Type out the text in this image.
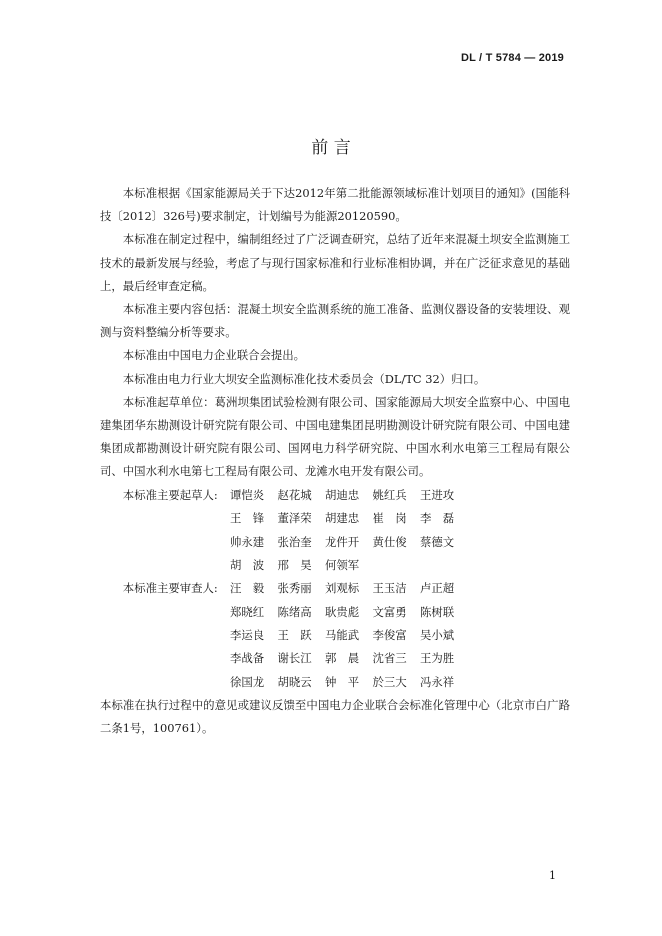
DL / T 5784 — 2019
前 言

本标准根据《国家能源局关于下达2012年第二批能源领域标准计划项目的通知》(国能科技〔2012〕326号)要求制定，计划编号为能源20120590。

本标准在制定过程中，编制组经过了广泛调查研究，总结了近年来混凝土坝安全监测施工技术的最新发展与经验，考虑了与现行国家标准和行业标准相协调，并在广泛征求意见的基础上，最后经审查定稿。

本标准主要内容包括：混凝土坝安全监测系统的施工准备、监测仪器设备的安装埋设、观测与资料整编分析等要求。

本标准由中国电力企业联合会提出。

本标准由电力行业大坝安全监测标准化技术委员会（DL/TC 32）归口。

本标准起草单位：葛洲坝集团试验检测有限公司、国家能源局大坝安全监察中心、中国电建集团华东勘测设计研究院有限公司、中国电建集团昆明勘测设计研究院有限公司、中国电建集团成都勘测设计研究院有限公司、国网电力科学研究院、中国水利水电第三工程局有限公司、中国水利水电第七工程局有限公司、龙滩水电开发有限公司。

本标准主要起草人:	谭恺炎	赵花城	胡迪忠	姚红兵	王进攻
王　锋	董泽荣	胡建忠	崔　岗	李　磊
帅永建	张治奎	龙件开	黄仕俊	蔡德文
胡　波	邢　昊	何领军
本标准主要审查人:	汪　毅	张秀丽	刘观标	王玉洁	卢正超
郑晓红	陈绪高	耿贵彪	文富勇	陈树联
李运良	王　跃	马能武	李俊富	吴小斌
李战备	谢长江	郭　晨	沈省三	王为胜
徐国龙	胡晓云	钟　平	於三大	冯永祥

本标准在执行过程中的意见或建议反馈至中国电力企业联合会标准化管理中心（北京市白广路二条1号，100761）。

1
